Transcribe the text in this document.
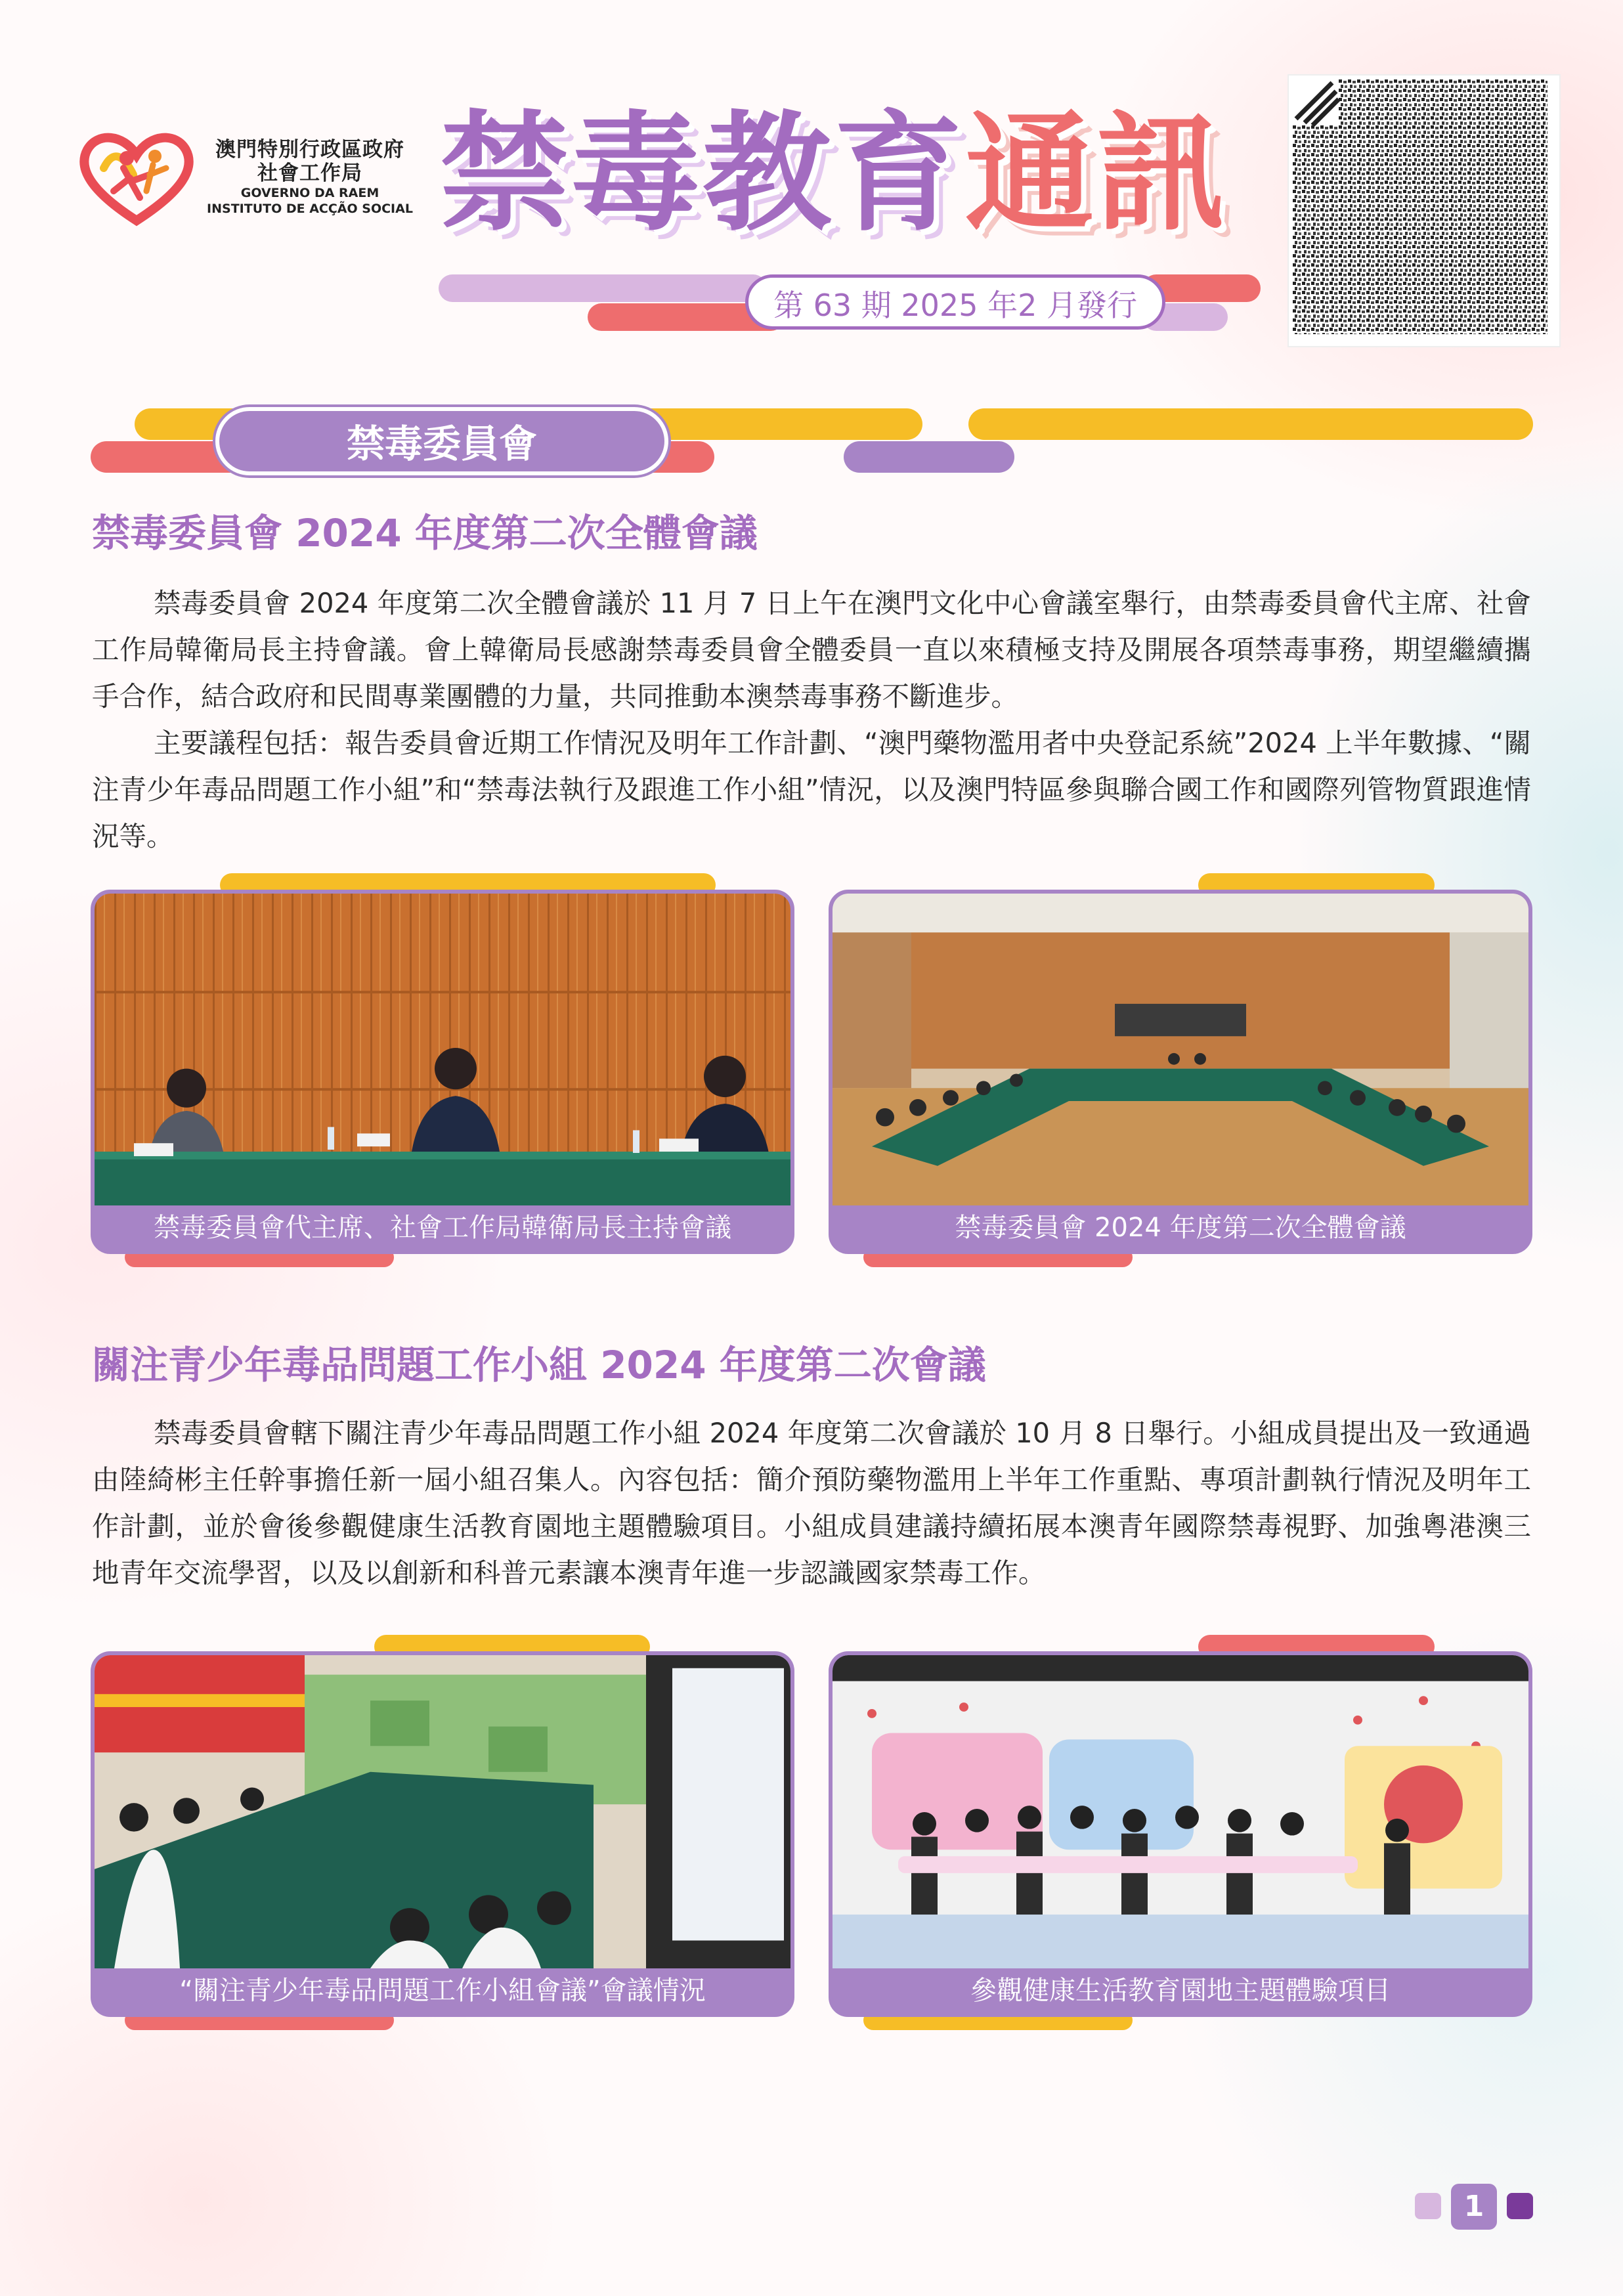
澳門特別行政區政府
社會工作局
GOVERNO DA RAEM
INSTITUTO DE ACÇÃO SOCIAL 禁毒教育通訊
第 63 期 2025 年2 月發行
禁毒委員會
禁毒委員會 2024 年度第二次全體會議

禁毒委員會 2024 年度第二次全體會議於 11 月 7 日上午在澳門文化中心會議室舉行，由禁毒委員會代主席、社會工作局韓衛局長主持會議。會上韓衛局長感謝禁毒委員會全體委員一直以來積極支持及開展各項禁毒事務，期望繼續攜手合作，結合政府和民間專業團體的力量，共同推動本澳禁毒事務不斷進步。

主要議程包括：報告委員會近期工作情況及明年工作計劃、“澳門藥物濫用者中央登記系統”2024 上半年數據、“關注青少年毒品問題工作小組”和“禁毒法執行及跟進工作小組”情況，以及澳門特區參與聯合國工作和國際列管物質跟進情況等。

禁毒委員會代主席、社會工作局韓衛局長主持會議	禁毒委員會 2024 年度第二次全體會議
關注青少年毒品問題工作小組 2024 年度第二次會議

禁毒委員會轄下關注青少年毒品問題工作小組 2024 年度第二次會議於 10 月 8 日舉行。小組成員提出及一致通過由陸綺彬主任幹事擔任新一屆小組召集人。內容包括：簡介預防藥物濫用上半年工作重點、專項計劃執行情況及明年工作計劃，並於會後參觀健康生活教育園地主題體驗項目。小組成員建議持續拓展本澳青年國際禁毒視野、加強粵港澳三地青年交流學習，以及以創新和科普元素讓本澳青年進一步認識國家禁毒工作。

“關注青少年毒品問題工作小組會議”會議情況	參觀健康生活教育園地主題體驗項目
1
